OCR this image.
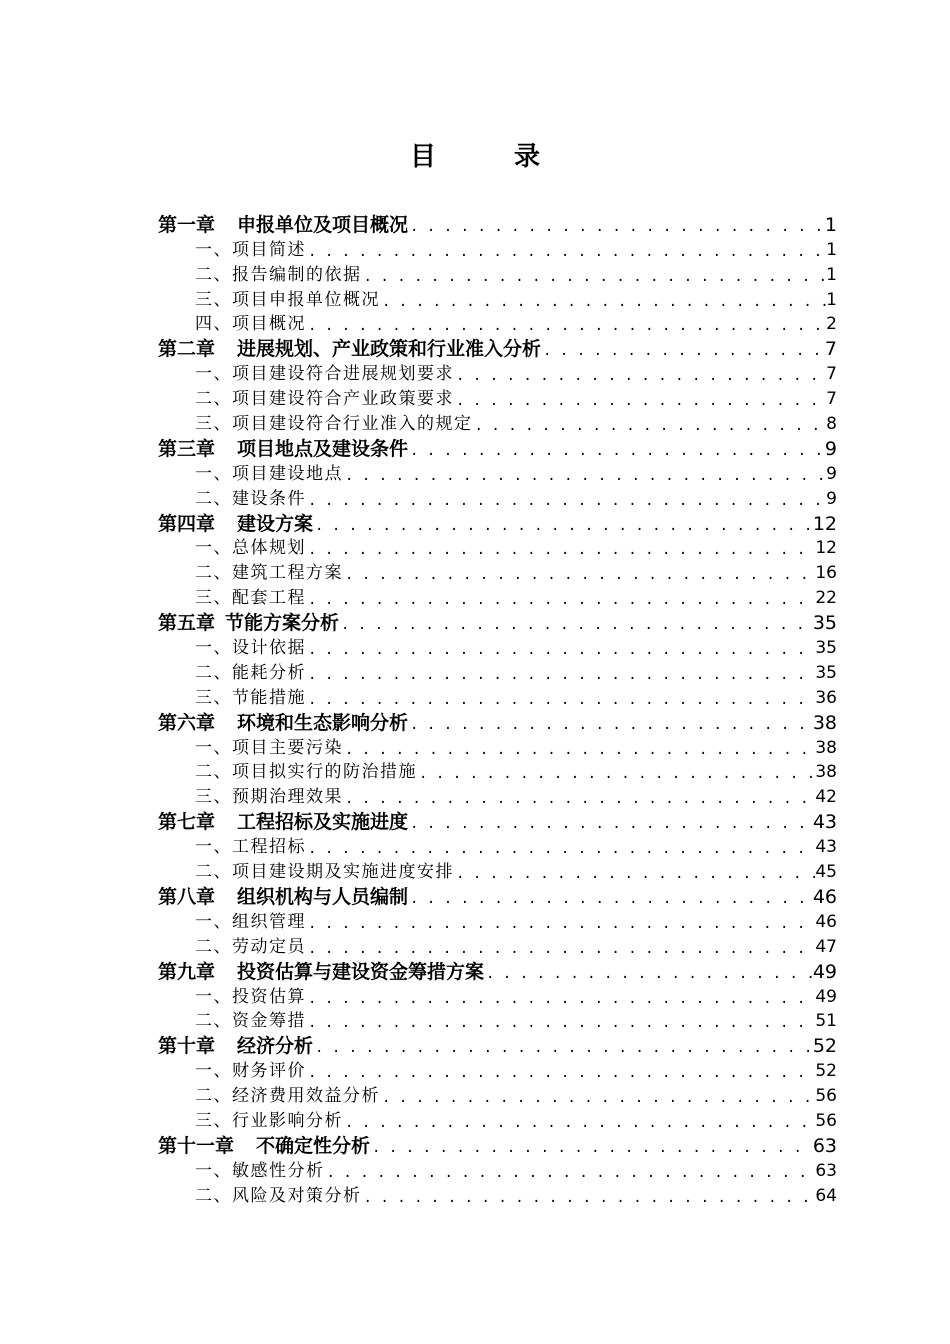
目　录
第一章 申报单位及项目概况 . . .	1
一、项目简述 . . .	1
二、报告编制的依据 . . .	1
三、项目申报单位概况 . . .	1
四、项目概况 . . .	2
第二章 进展规划、产业政策和行业准入分析 . . .	7
一、项目建设符合进展规划要求 . . .	7
二、项目建设符合产业政策要求 . . .	7
三、项目建设符合行业准入的规定 . . .	8
第三章 项目地点及建设条件 . . .	9
一、项目建设地点 . . .	9
二、建设条件 . . .	9
第四章 建设方案 . . .	12
一、总体规划 . . .	12
二、建筑工程方案 . . .	16
三、配套工程 . . .	22
第五章 节能方案分析 . . .	35
一、设计依据 . . .	35
二、能耗分析 . . .	35
三、节能措施 . . .	36
第六章 环境和生态影响分析 . . .	38
一、项目主要污染 . . .	38
二、项目拟实行的防治措施 . . .	38
三、预期治理效果 . . .	42
第七章 工程招标及实施进度 . . .	43
一、工程招标 . . .	43
二、项目建设期及实施进度安排 . . .	45
第八章 组织机构与人员编制 . . .	46
一、组织管理 . . .	46
二、劳动定员 . . .	47
第九章 投资估算与建设资金筹措方案 . . .	49
一、投资估算 . . .	49
二、资金筹措 . . .	51
第十章 经济分析 . . .	52
一、财务评价 . . .	52
二、经济费用效益分析 . . .	56
三、行业影响分析 . . .	56
第十一章 不确定性分析 . . .	63
一、敏感性分析 . . .	63
二、风险及对策分析 . . .	64
